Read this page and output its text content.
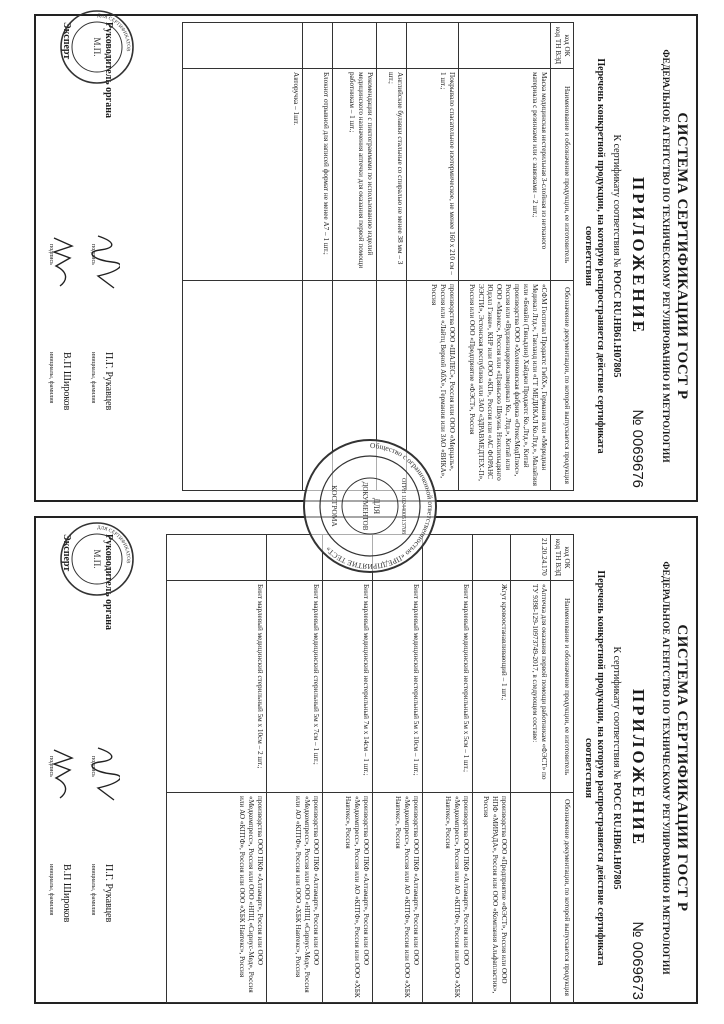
СИСТЕМА СЕРТИФИКАЦИИ ГОСТ Р
ФЕДЕРАЛЬНОЕ АГЕНТСТВО ПО ТЕХНИЧЕСКОМУ РЕГУЛИРОВАНИЮ И МЕТРОЛОГИИ
ПРИЛОЖЕНИЕ
№ 0069676
К сертификату соответствия № РОСС RU.HB61.H07805
Перечень конкретной продукции, на которую распространяется действие сертификата соответствия
код ОК
код ТН ВЭД	Наименование и обозначение продукции, ее изготовитель	Обозначение документации, по которой выпускается продукция
	Маска медицинская нестерильная 3-слойная из нетканого материала с резинками или с завязками – 2 шт.;	«СФМ Госпитал Продактс ГмбХ», Германия или «Меридиан Медикал Лтд.», Таиланд или «ГТ МЕДИКАЛ Ко.Лтд.», Малайзия или «Бевайн (Тяньдзин) Хайджи Продактс Ко.,Лтд.», Китай производства ООО «Холенковская фабрика «ОтексМедПлюс», Россия или «Вудзинзидерикалмедикал Ко., Лтд.», Китай или ООО «Мазекс», Россия или «Цзяньсюэ Шоуэнь Нэнхлихыдянго Юдэлл Гэнке», КНР или ООО «КП», Россия или «АС ФОРАНС ЭЭСТИ», Эстонская республика или ЗАО «ЗДРАВМЕДТЕХ-П», Россия или ООО «Предприятие «ФЭСТ», Россия
	Покрывало спасательное изотермическое, не менее 160 х 210 см – 1 шт.;	производства ООО «ШАЛЕС», Россия или ООО «Мерцаль», Россия или «Лайтц Верной АбХ», Германия или ЗАО «ВИКА», Россия
	Английские булавки стальные со спиралью не менее 38 мм – 3 шт.;	
	Рекомендации с пиктограммами по использованию изделий медицинского назначения аптечки для оказания первой помощи работникам – 1 шт.;	
	Блокнот отрывной для записей формат не менее А7 – 1 шт.;	
	Авторучка – 1шт.	
Руководитель органа
подпись
П.Г. Рукавцев
инициалы, фамилия
Эксперт
подпись
В.П Широков
инициалы, фамилия
ДЛЯ СЕРТИФИКАТОВ
М.П.
СИСТЕМА СЕРТИФИКАЦИИ ГОСТ Р
ФЕДЕРАЛЬНОЕ АГЕНТСТВО ПО ТЕХНИЧЕСКОМУ РЕГУЛИРОВАНИЮ И МЕТРОЛОГИИ
ПРИЛОЖЕНИЕ
№ 0069673
К сертификату соответствия № РОСС RU.HB61.H07805
Перечень конкретной продукции, на которую распространяется действие сертификата соответствия
код ОК
код ТН ВЭД	Наименование и обозначение продукции, ее изготовитель	Обозначение документации, по которой выпускается продукция
21.20.24.170	«Аптечка для оказания первой помощи работникам «ФЭСТ» по ТУ 9398-129-10973749-2017, в следующем составе:	
	Жгут кровоостанавливающий – 1 шт.;	производства ООО «Предприятие «ФЭСТ», Россия или ООО НПФ «МИРАДА», Россия или ООО «Компания Альфапластик», Россия
	Бинт марлевый медицинский нестерильный 5м х 5см – 1 шт.;	производства ООО ПКФ «Алтамарт», Россия или ООО «Медкомпресс», Россия или АО «КПТФ», Россия или ООО «ХБК Навтекс», Россия
	Бинт марлевый медицинский нестерильный 5м х 10см – 1 шт.;	производства ООО ПКФ «Алтамарт», Россия или ООО «Медкомпресс», Россия или АО «КПТФ», Россия или ООО «ХБК Навтекс», Россия
	Бинт марлевый медицинский нестерильный 7м х 14см – 1 шт.;	производства ООО ПКФ «Алтамарт», Россия или ООО «Медкомпресс», Россия или АО «КПТФ», Россия или ООО «ХБК Навтекс», Россия
	Бинт марлевый медицинский стерильный 5м х 7см – 1 шт.;	производства ООО ПКФ «Алтамарт», Россия или ООО «Медкомпресс», Россия или ООО «НПЦ «Сириус-Мед», Россия или АО «КПТФ», Россия или ООО «ХБК Навтекс», Россия
	Бинт марлевый медицинский стерильный 5м х 10см – 2 шт.;	производства ООО ПКФ «Алтамарт», Россия или ООО «Медкомпресс», Россия или ООО «НПЦ «Сириус-Мед», Россия или АО «КПТФ», Россия или ООО «ХБК Навтекс», Россия
Руководитель органа
подпись
П.Г. Рукавцев
инициалы, фамилия
Эксперт
подпись
В.П Широков
инициалы, фамилия
ДЛЯ СЕРТИФИКАТОВ
М.П.
Общество с ограниченной ответственностью «ПРЕДПРИЯТИЕ ТЕСТ»
ДЛЯ
ДОКУМЕНТОВ
КОСТРОМА	ОГРН 1024400513708
